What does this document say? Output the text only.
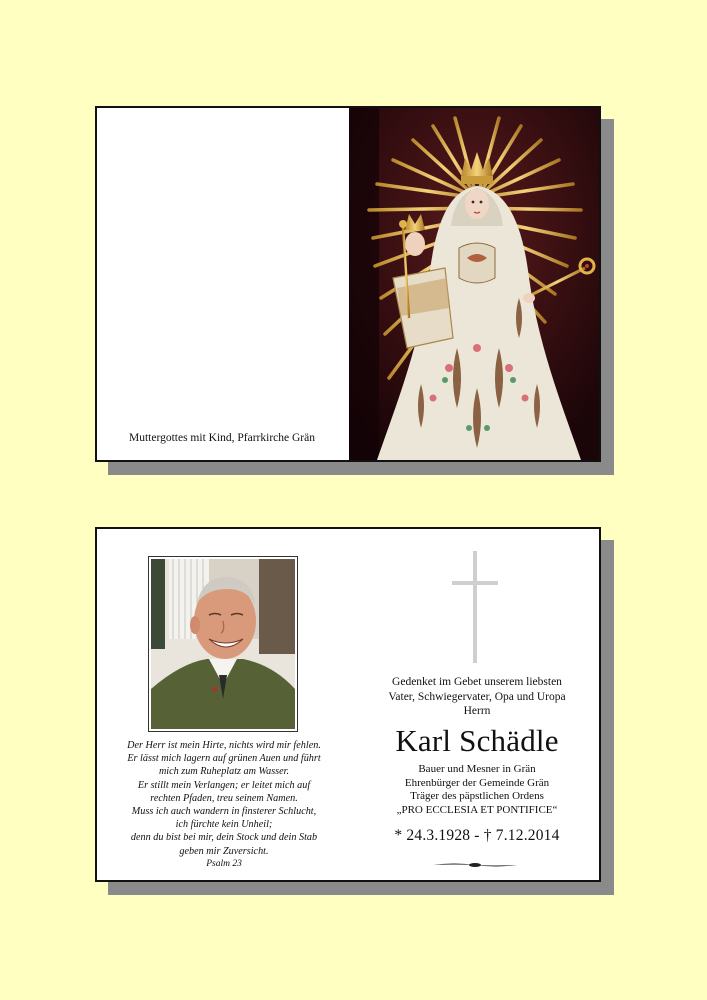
Muttergottes mit Kind, Pfarrkirche Grän
Der Herr ist mein Hirte, nichts wird mir fehlen.
Er lässt mich lagern auf grünen Auen und führt
mich zum Ruheplatz am Wasser.
Er stillt mein Verlangen; er leitet mich auf
rechten Pfaden, treu seinem Namen.
Muss ich auch wandern in finsterer Schlucht,
ich fürchte kein Unheil;
denn du bist bei mir, dein Stock und dein Stab
geben mir Zuversicht.
Psalm 23
Gedenket im Gebet unserem liebsten
Vater, Schwiegervater, Opa und Uropa
Herrn
Karl Schädle
Bauer und Mesner in Grän
Ehrenbürger der Gemeinde Grän
Träger des päpstlichen Ordens
„PRO ECCLESIA ET PONTIFICE“
* 24.3.1928 - † 7.12.2014
